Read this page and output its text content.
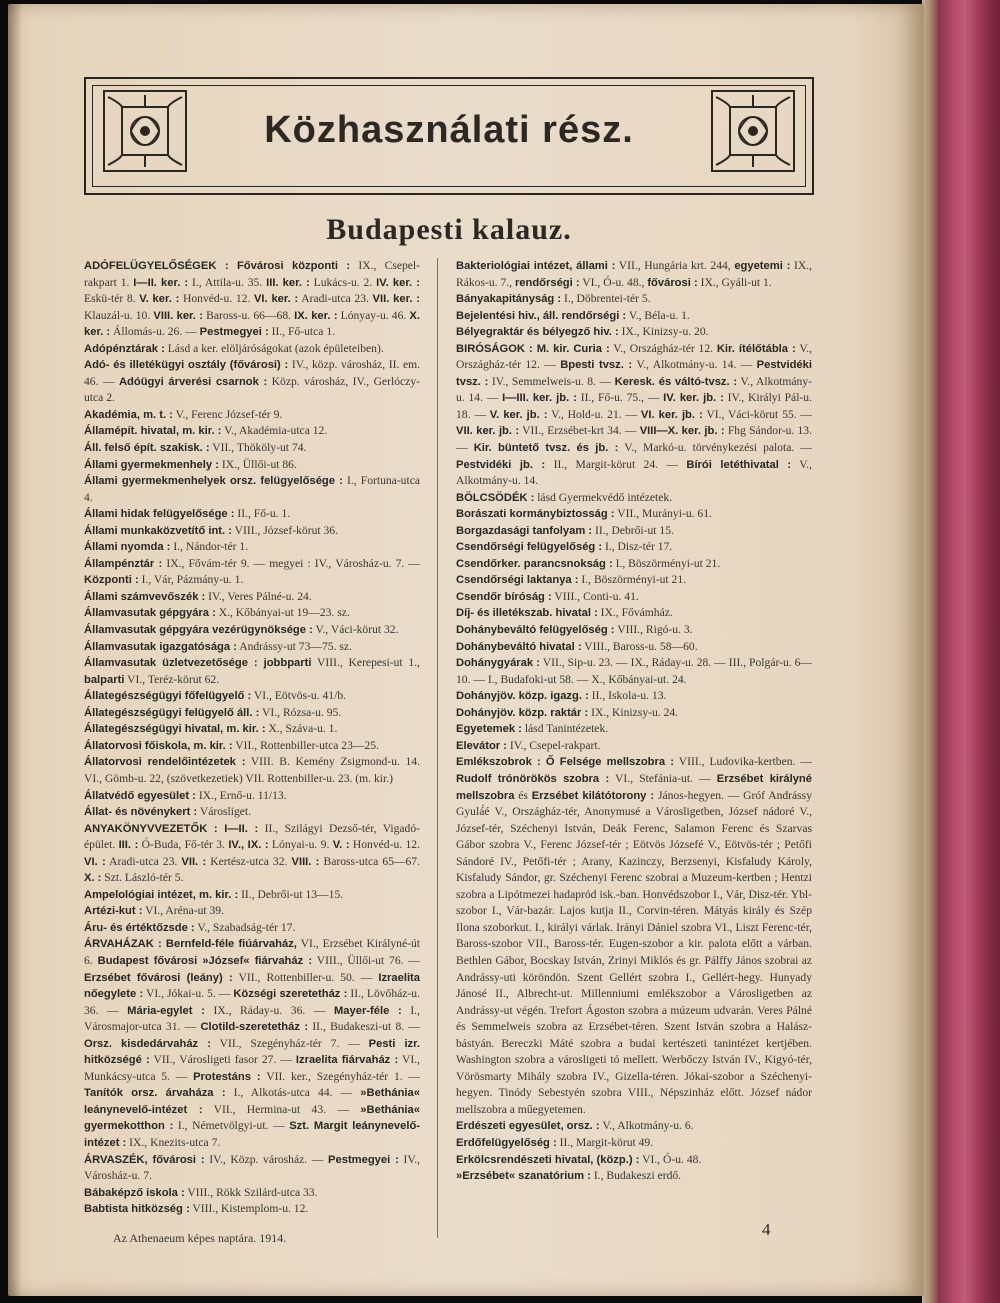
Közhasználati rész.
Budapesti kalauz.

ADÓFELÜGYELŐSÉGEK : Fővárosi központi : IX., Csepel-rakpart 1. I—II. ker. : I., Attila-u. 35. III. ker. : Lukács-u. 2. IV. ker. : Eskü-tér 8. V. ker. : Honvéd-u. 12. VI. ker. : Aradi-utca 23. VII. ker. : Klauzál-u. 10. VIII. ker. : Baross-u. 66—68. IX. ker. : Lónyay-u. 46. X. ker. : Állomás-u. 26. — Pestmegyei : II., Fő-utca 1.

Adópénztárak : Lásd a ker. elöljáróságokat (azok épületeiben).

Adó- és illetékügyi osztály (fővárosi) : IV., közp. városház, II. em. 46. — Adóügyi árverési csarnok : Közp. városház, IV., Gerlóczy-utca 2.

Akadémia, m. t. : V., Ferenc József-tér 9.

Államépít. hivatal, m. kir. : V., Akadémia-utca 12.

Áll. felső épít. szakisk. : VII., Thököly-ut 74.

Állami gyermekmenhely : IX., Üllői-ut 86.

Állami gyermekmenhelyek orsz. felügyelősége : I., Fortuna-utca 4.

Állami hidak felügyelősége : II., Fő-u. 1.

Állami munkaközvetítő int. : VIII., József-körut 36.

Állami nyomda : I., Nándor-tér 1.

Állampénztár : IX., Fővám-tér 9. — megyei : IV., Városház-u. 7. — Központi : I., Vár, Pázmány-u. 1.

Állami számvevőszék : IV., Veres Pálné-u. 24.

Államvasutak gépgyára : X., Kőbányai-ut 19—23. sz.

Államvasutak gépgyára vezérügynöksége : V., Váci-körut 32.

Államvasutak igazgatósága : Andrássy-ut 73—75. sz.

Államvasutak üzletvezetősége : jobbparti VIII., Kerepesi-ut 1., balparti VI., Teréz-körut 62.

Állategészségügyi főfelügyelő : VI., Eötvös-u. 41/b.

Állategészségügyi felügyelő áll. : VI., Rózsa-u. 95.

Állategészségügyi hivatal, m. kir. : X., Száva-u. 1.

Állatorvosi főiskola, m. kir. : VII., Rottenbiller-utca 23—25.

Állatorvosi rendelőintézetek : VIII. B. Kemény Zsigmond-u. 14. VI., Gömb-u. 22, (szövetkezetiek) VII. Rottenbiller-u. 23. (m. kir.)

Állatvédő egyesület : IX., Ernő-u. 11/13.

Állat- és növénykert : Városliget.

ANYAKÖNYVVEZETŐK : I—II. : II., Szilágyi Dezső-tér, Vigadó-épület. III. : Ó-Buda, Fő-tér 3. IV., IX. : Lónyai-u. 9. V. : Honvéd-u. 12. VI. : Aradi-utca 23. VII. : Kertész-utca 32. VIII. : Baross-utca 65—67. X. : Szt. László-tér 5.

Ampelológiai intézet, m. kir. : II., Debrői-ut 13—15.

Artézi-kut : VI., Aréna-ut 39.

Áru- és értéktőzsde : V., Szabadság-tér 17.

ÁRVAHÁZAK : Bernfeld-féle fiúárvaház, VI., Erzsébet Királyné-út 6. Budapest fővárosi »József« fiárvaház : VIII., Üllői-ut 76. — Erzsébet fővárosi (leány) : VII., Rottenbiller-u. 50. — Izraelita nőegylete : VI., Jókai-u. 5. — Községi szeretetház : II., Lövőház-u. 36. — Mária-egylet : IX., Ráday-u. 36. — Mayer-féle : I., Városmajor-utca 31. — Clotild-szeretetház : II., Budakeszi-ut 8. — Orsz. kisdedárvaház : VII., Szegényház-tér 7. — Pesti izr. hitközségé : VII., Városligeti fasor 27. — Izraelita fiárvaház : VI., Munkácsy-utca 5. — Protestáns : VII. ker., Szegényház-tér 1. — Tanítók orsz. árvaháza : I., Alkotás-utca 44. — »Bethánia« leánynevelő-intézet : VII., Hermina-ut 43. — »Bethánia« gyermekotthon : I., Németvölgyi-ut. — Szt. Margit leánynevelő-intézet : IX., Knezits-utca 7.

ÁRVASZÉK, fővárosi : IV., Közp. városház. — Pestmegyei : IV., Városház-u. 7.

Bábaképző iskola : VIII., Rökk Szilárd-utca 33.

Babtista hitközség : VIII., Kistemplom-u. 12.

Bakteriológiai intézet, állami : VII., Hungária krt. 244, egyetemi : IX., Rákos-u. 7., rendőrségi : VI., Ó-u. 48., fővárosi : IX., Gyáli-ut 1.

Bányakapitányság : I., Döbrentei-tér 5.

Bejelentési hiv., áll. rendőrségi : V., Béla-u. 1.

Bélyegraktár és bélyegző hiv. : IX., Kinizsy-u. 20.

BIRÓSÁGOK : M. kir. Curia : V., Országház-tér 12. Kir. ítélőtábla : V., Országház-tér 12. — Bpesti tvsz. : V., Alkotmány-u. 14. — Pestvidéki tvsz. : IV., Semmelweis-u. 8. — Keresk. és váltó-tvsz. : V., Alkotmány-u. 14. — I—III. ker. jb. : II., Fő-u. 75., — IV. ker. jb. : IV., Királyi Pál-u. 18. — V. ker. jb. : V., Hold-u. 21. — VI. ker. jb. : VI., Váci-körut 55. — VII. ker. jb. : VII., Erzsébet-krt 34. — VIII—X. ker. jb. : Fhg Sándor-u. 13. — Kir. büntető tvsz. és jb. : V., Markó-u. törvénykezési palota. — Pestvidéki jb. : II., Margit-körut 24. — Bírói letéthivatal : V., Alkotmány-u. 14.

BÖLCSÖDÉK : lásd Gyermekvédő intézetek.

Borászati kormánybiztosság : VII., Murányi-u. 61.

Borgazdasági tanfolyam : II., Debrői-ut 15.

Csendőrségi felügyelőség : I., Disz-tér 17.

Csendőrker. parancsnokság : I., Böszörményi-ut 21.

Csendőrségi laktanya : I., Böszörményi-ut 21.

Csendőr bíróság : VIII., Conti-u. 41.

Díj- és illetékszab. hivatal : IX., Fővámház.

Dohánybeváltó felügyelőség : VIII., Rigó-u. 3.

Dohánybeváltó hivatal : VIII., Baross-u. 58—60.

Dohánygyárak : VII., Sip-u. 23. — IX., Ráday-u. 28. — III., Polgár-u. 6—10. — I., Budafoki-ut 58. — X., Kőbányai-ut. 24.

Dohányjöv. közp. igazg. : II., Iskola-u. 13.

Dohányjöv. közp. raktár : IX., Kinizsy-u. 24.

Egyetemek : lásd Tanintézetek.

Elevátor : IV., Csepel-rakpart.

Emlékszobrok : Ő Felsége mellszobra : VIII., Ludovika-kertben. — Rudolf trónörökös szobra : VI., Stefánia-ut. — Erzsébet királyné mellszobra és Erzsébet kilátótorony : János-hegyen. — Gróf Andrássy Gyulá́é V., Országház-tér, Anonymusé a Városligetben, József nádoré V., József-tér, Széchenyi István, Deák Ferenc, Salamon Ferenc és Szarvas Gábor szobra V., Ferenc József-tér ; Eötvös Józsefé V., Eötvös-tér ; Petőfi Sándoré IV., Petőfi-tér ; Arany, Kazinczy, Berzsenyi, Kisfaludy Károly, Kisfaludy Sándor, gr. Széchenyi Ferenc szobrai a Muzeum-kertben ; Hentzi szobra a Lipótmezei hadapród isk.-ban. Honvédszobor I., Vár, Disz-tér. Ybl-szobor I., Vár-bazár. Lajos kutja II., Corvin-téren. Mátyás király és Szép Ilona szoborkut. I., királyi várlak. Irányi Dániel szobra VI., Liszt Ferenc-tér, Baross-szobor VII., Baross-tér. Eugen-szobor a kir. palota előtt a várban. Bethlen Gábor, Bocskay István, Zrinyi Miklós és gr. Pálffy János szobrai az Andrássy-uti köröndön. Szent Gellért szobra I., Gellért-hegy. Hunyady Jánosé II., Albrecht-ut. Millenniumi emlékszobor a Városligetben az Andrássy-ut végén. Trefort Ágoston szobra a múzeum udvarán. Veres Pálné és Semmelweis szobra az Erzsébet-téren. Szent István szobra a Halász-bástyán. Bereczki Máté szobra a budai kertészeti tanintézet kertjében. Washington szobra a városligeti tó mellett. Werbőczy István IV., Kigyó-tér, Vörösmarty Mihály szobra IV., Gizella-téren. Jókai-szobor a Széchenyi-hegyen. Tinódy Sebestyén szobra VIII., Népszinház előtt. József nádor mellszobra a műegyetemen.

Erdészeti egyesület, orsz. : V., Alkotmány-u. 6.

Erdőfelügyelőség : II., Margit-körut 49.

Erkölcsrendészeti hivatal, (közp.) : VI., Ó-u. 48.

»Erzsébet« szanatórium : I., Budakeszi erdő.

Az Athenaeum képes naptára. 1914.	4
